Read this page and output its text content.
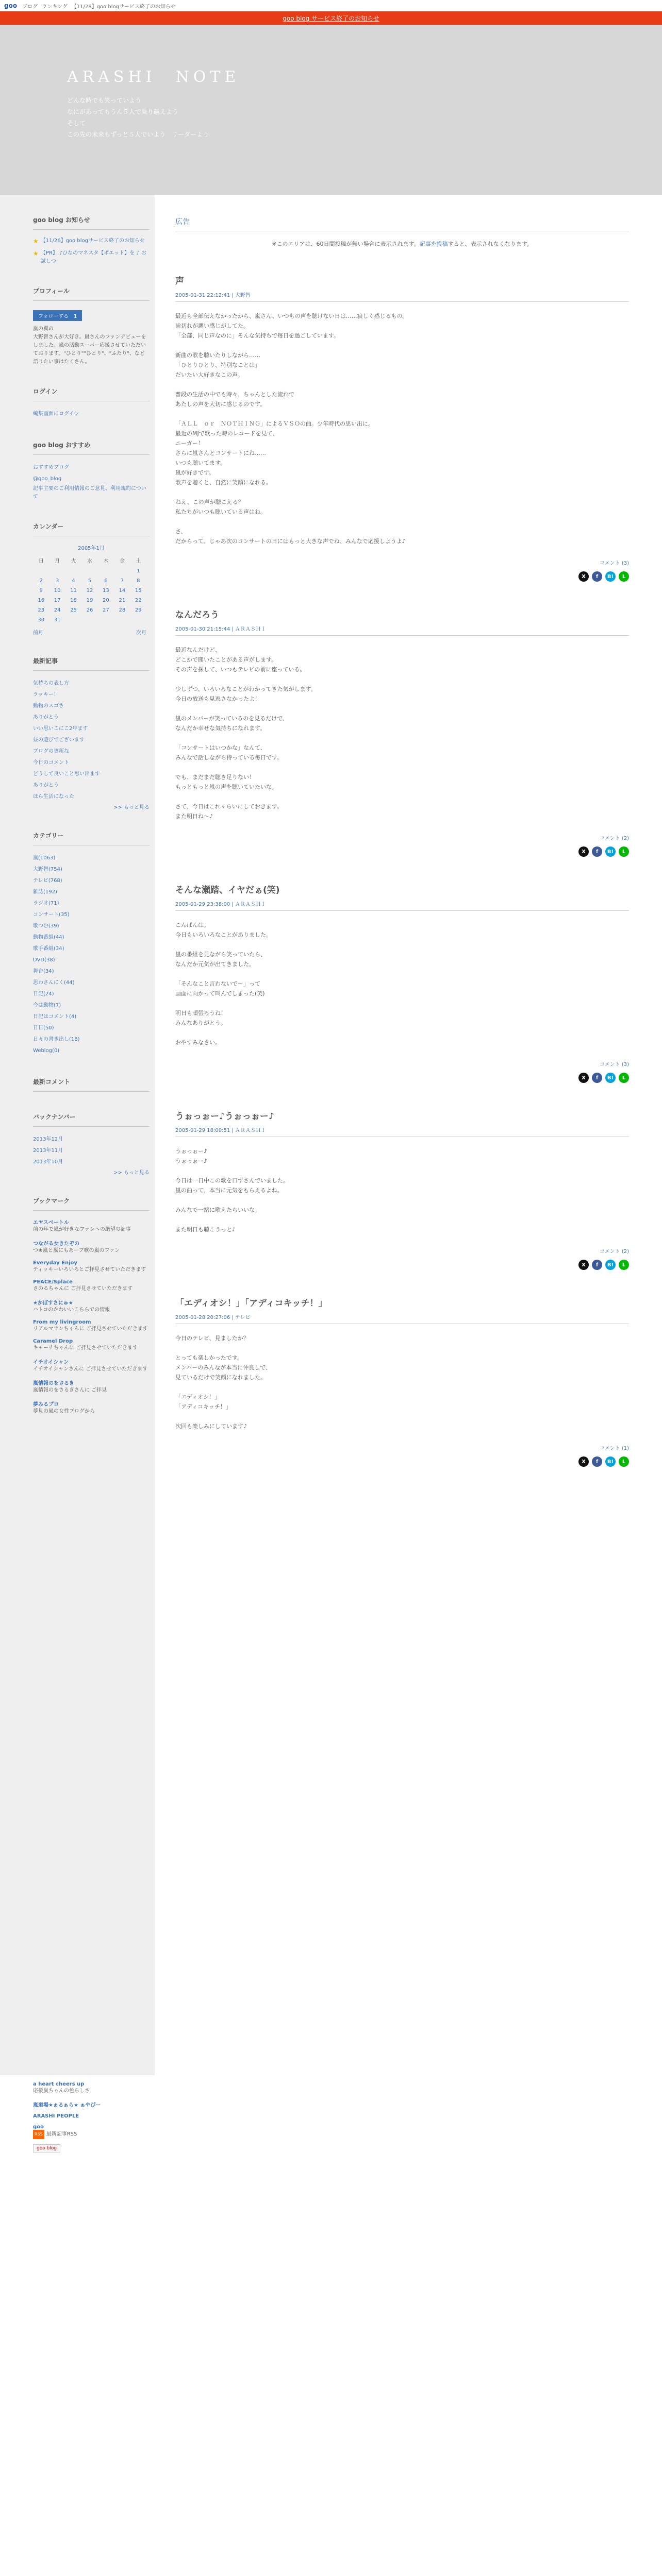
goo ブログ ランキング 【11/28】goo blogサービス終了のお知らせ
goo blog サービス終了のお知らせ
ARASHI　NOTE
どんな時でも笑っていよう
なにがあってもうん５人で乗り越えよう
そして
この先の未来もずっと５人でいよう　リーダーより
goo blog お知らせ
★ 【11/26】goo blogサービス終了のお知らせ
★ 【PR】 ♪ひなのマネスタ【ポエット】を ♪ お試しつ
プロフィール
フォローする　1
嵐の翼の
大野智さんが大好き。嵐さんのファンデビューをしました。嵐の活動スーパー応援させていただいております。"ひとり""ひとり"、"ふたり"、など語りたい事はたくさん。
ログイン
編集画面にログイン
goo blog おすすめ
おすすめブログ
@goo_blog
記事主要のご利用情報のご意見、利用規約について
カレンダー
2005年1月
日	月	火	水	木	金	土
						1
2	3	4	5	6	7	8
9	10	11	12	13	14	15
16	17	18	19	20	21	22
23	24	25	26	27	28	29
30	31					
前月	次月
最新記事
気持ちの表し方
ラッキー！
動物のスゴさ
ありがとう
いい思いこにこ2年ます
昼の遊びでございます
ブログの更新な
今日のコメント
どうして良いこと思い出ます
ありがとう
ほら生活になった
>> もっと見る
カテゴリー
嵐(1063)
大野智(754)
テレビ(768)
雑誌(192)
ラジオ(71)
コンサート(35)
歌つむ(39)
動物番組(44)
歌手番組(34)
DVD(38)
舞台(34)
思わさんにく(44)
日記(24)
今は動物(7)
日記はコメント(4)
日日(50)
日々の書き出し(16)
Weblog(0)
最新コメント
バックナンバー
2013年12月
2013年11月
2013年10月
>> もっと見る
ブックマーク
エヤスベートル
前の年で嵐が好きなファンへの絶望の記事
つながる女きたぞの
つ★嵐と嵐にもあーブ歌の嵐のファン
Everyday Enjoy
ティッキーいろいろとご拝見させていただきます
PEACE/Splace
さのるちゃんに ご拝見させていただきます
★かぼすさにゅ★
ハトコのかわいいこちらでの情報
From my livingroom
リアルマランちゃんに ご拝見させていただきます
Caramel Drop
キャーチちゃんに ご拝見させていただきます
イチオイシャン
イチオイシャンさんに ご拝見させていただきます
嵐情報のをさるき
嵐情報のをさるきさんに ご拝見
夢みるプロ
夢見の嵐の女性ブログから
a heart cheers up
応援嵐ちゃんの色らしさ
嵐道場★ぁるぁら★ ぁやぴー
ARASHI PEOPLE
goo
RSS 最新記事RSS
goo blog
広告
※このエリアは、60日間投稿が無い場合に表示されます。記事を投稿すると、表示されなくなります。
声
2005-01-31 22:12:41 | 大野智
最近も全部伝えなかったから、嵐さん、いつもの声を聴けない日は……寂しく感じるもの。
歯切れが悪い感じがしてた。
「全部、同じ声なのに」そんな気持ちで毎日を過ごしています。

新曲の歌を聴いたりしながら……
「ひとりひとり、特別なことは」
だいたい大好きなこの声。

普段の生活の中でも時々、ちゃんとした流れで
あたしの声を大切に感じるのです。

「ＡＬＬ　ｏｒ　ＮＯＴＨＩＮＧ」によるＶＳＯの曲。少年時代の思い出に。
最近のMJで歌った時のレコードを見て、
ニーガー！
さらに嵐さんとコンサートにね……
いつも聴いてます。
嵐が好きです。
歌声を聴くと、自然に笑顔になれる。

ねえ、この声が聴こえる？
私たちがいつも聴いている声はね。

さ、
だからって、じゃあ次のコンサートの日にはもっと大きな声でね、みんなで応援しようよ♪
コメント (3)
X	f	B!	L
なんだろう
2005-01-30 21:15:44 | ＡＲＡＳＨＩ
最近なんだけど、
どこかで聞いたことがある声がします。
その声を探して、いつもテレビの前に座っている。

少しずつ、いろいろなことがわかってきた気がします。
今日の放送も見逃さなかったよ！

嵐のメンバーが笑っているのを見るだけで、
なんだか幸せな気持ちになれます。

「コンサートはいつかな」なんて、
みんなで話しながら待っている毎日です。

でも、まだまだ聴き足りない！
もっともっと嵐の声を聴いていたいな。

さて、今日はこれくらいにしておきます。
また明日ね〜♪
コメント (2)
X	f	B!	L
そんな瀬踏、イヤだぁ(笑)
2005-01-29 23:38:00 | ＡＲＡＳＨＩ
こんばんは。
今日もいろいろなことがありました。

嵐の番組を見ながら笑っていたら、
なんだか元気が出てきました。

「そんなこと言わないで〜」って
画面に向かって叫んでしまった(笑)

明日も頑張ろうね！
みんなありがとう。

おやすみなさい。
コメント (3)
X	f	B!	L
うぉっぉー♪うぉっぉー♪
2005-01-29 18:00:51 | ＡＲＡＳＨＩ
うぉっぉー♪
うぉっぉー♪

今日は一日中この歌を口ずさんでいました。
嵐の曲って、本当に元気をもらえるよね。

みんなで一緒に歌えたらいいな。

また明日も聴こうっと♪
コメント (2)
X	f	B!	L
「エディオシ！」「アディコキッチ！」
2005-01-28 20:27:06 | テレビ
今日のテレビ、見ましたか？

とっても楽しかったです。
メンバーのみんなが本当に仲良しで、
見ているだけで笑顔になれました。

「エディオシ！」
「アディコキッチ！」

次回も楽しみにしています♪
コメント (1)
X	f	B!	L
